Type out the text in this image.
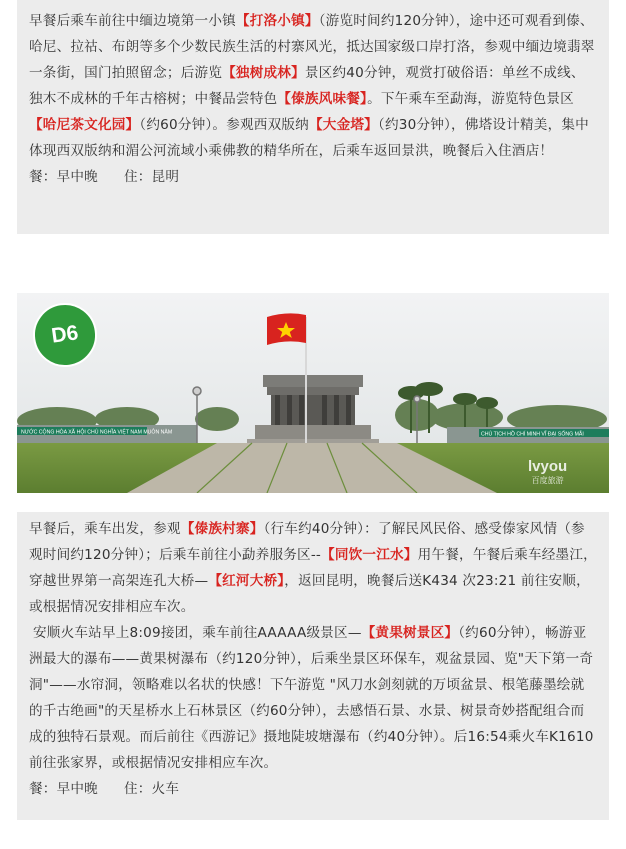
早餐后乘车前往中缅边境第一小镇【打洛小镇】（游览时间约120分钟），途中还可观看到傣、哈尼、拉祜、布朗等多个少数民族生活的村寨风光，抵达国家级口岸打洛，参观中缅边境翡翠一条街，国门拍照留念；后游览【独树成林】景区约40分钟，观赏打破俗语：单丝不成线、独木不成林的千年古榕树；中餐品尝特色【傣族风味餐】。下午乘车至勐海，游览特色景区【哈尼茶文化园】（约60分钟）。参观西双版纳【大金塔】（约30分钟），佛塔设计精美，集中体现西双版纳和湄公河流域小乘佛教的精华所在，后乘车返回景洪，晚餐后入住酒店！
餐：早中晚 住：昆明
NƯỚC CỘNG HÒA XÃ HỘI CHỦ NGHĨA VIỆT NAM MUÔN NĂM	CHỦ TỊCH HỒ CHÍ MINH VĨ ĐẠI SỐNG MÃI
D6
lvyou
百度旅游
早餐后，乘车出发，参观【傣族村寨】（行车约40分钟）：了解民风民俗、感受傣家风情（参观时间约120分钟）；后乘车前往小勐养服务区--【同饮一江水】用午餐，午餐后乘车经墨江，穿越世界第一高架连孔大桥—【红河大桥】，返回昆明，晚餐后送K434 次23:21 前往安顺，或根据情况安排相应车次。
安顺火车站早上8:09接团，乘车前往AAAAA级景区—【黄果树景区】（约60分钟），畅游亚洲最大的瀑布——黄果树瀑布（约120分钟），后乘坐景区环保车，观盆景园、览"天下第一奇洞"——水帘洞，领略难以名状的快感！下午游览 "风刀水剑刻就的万顷盆景、根笔藤墨绘就的千古绝画"的天星桥水上石林景区（约60分钟），去感悟石景、水景、树景奇妙搭配组合而成的独特石景观。而后前往《西游记》摄地陡坡塘瀑布（约40分钟）。后16:54乘火车K1610前往张家界，或根据情况安排相应车次。
餐：早中晚 住：火车
